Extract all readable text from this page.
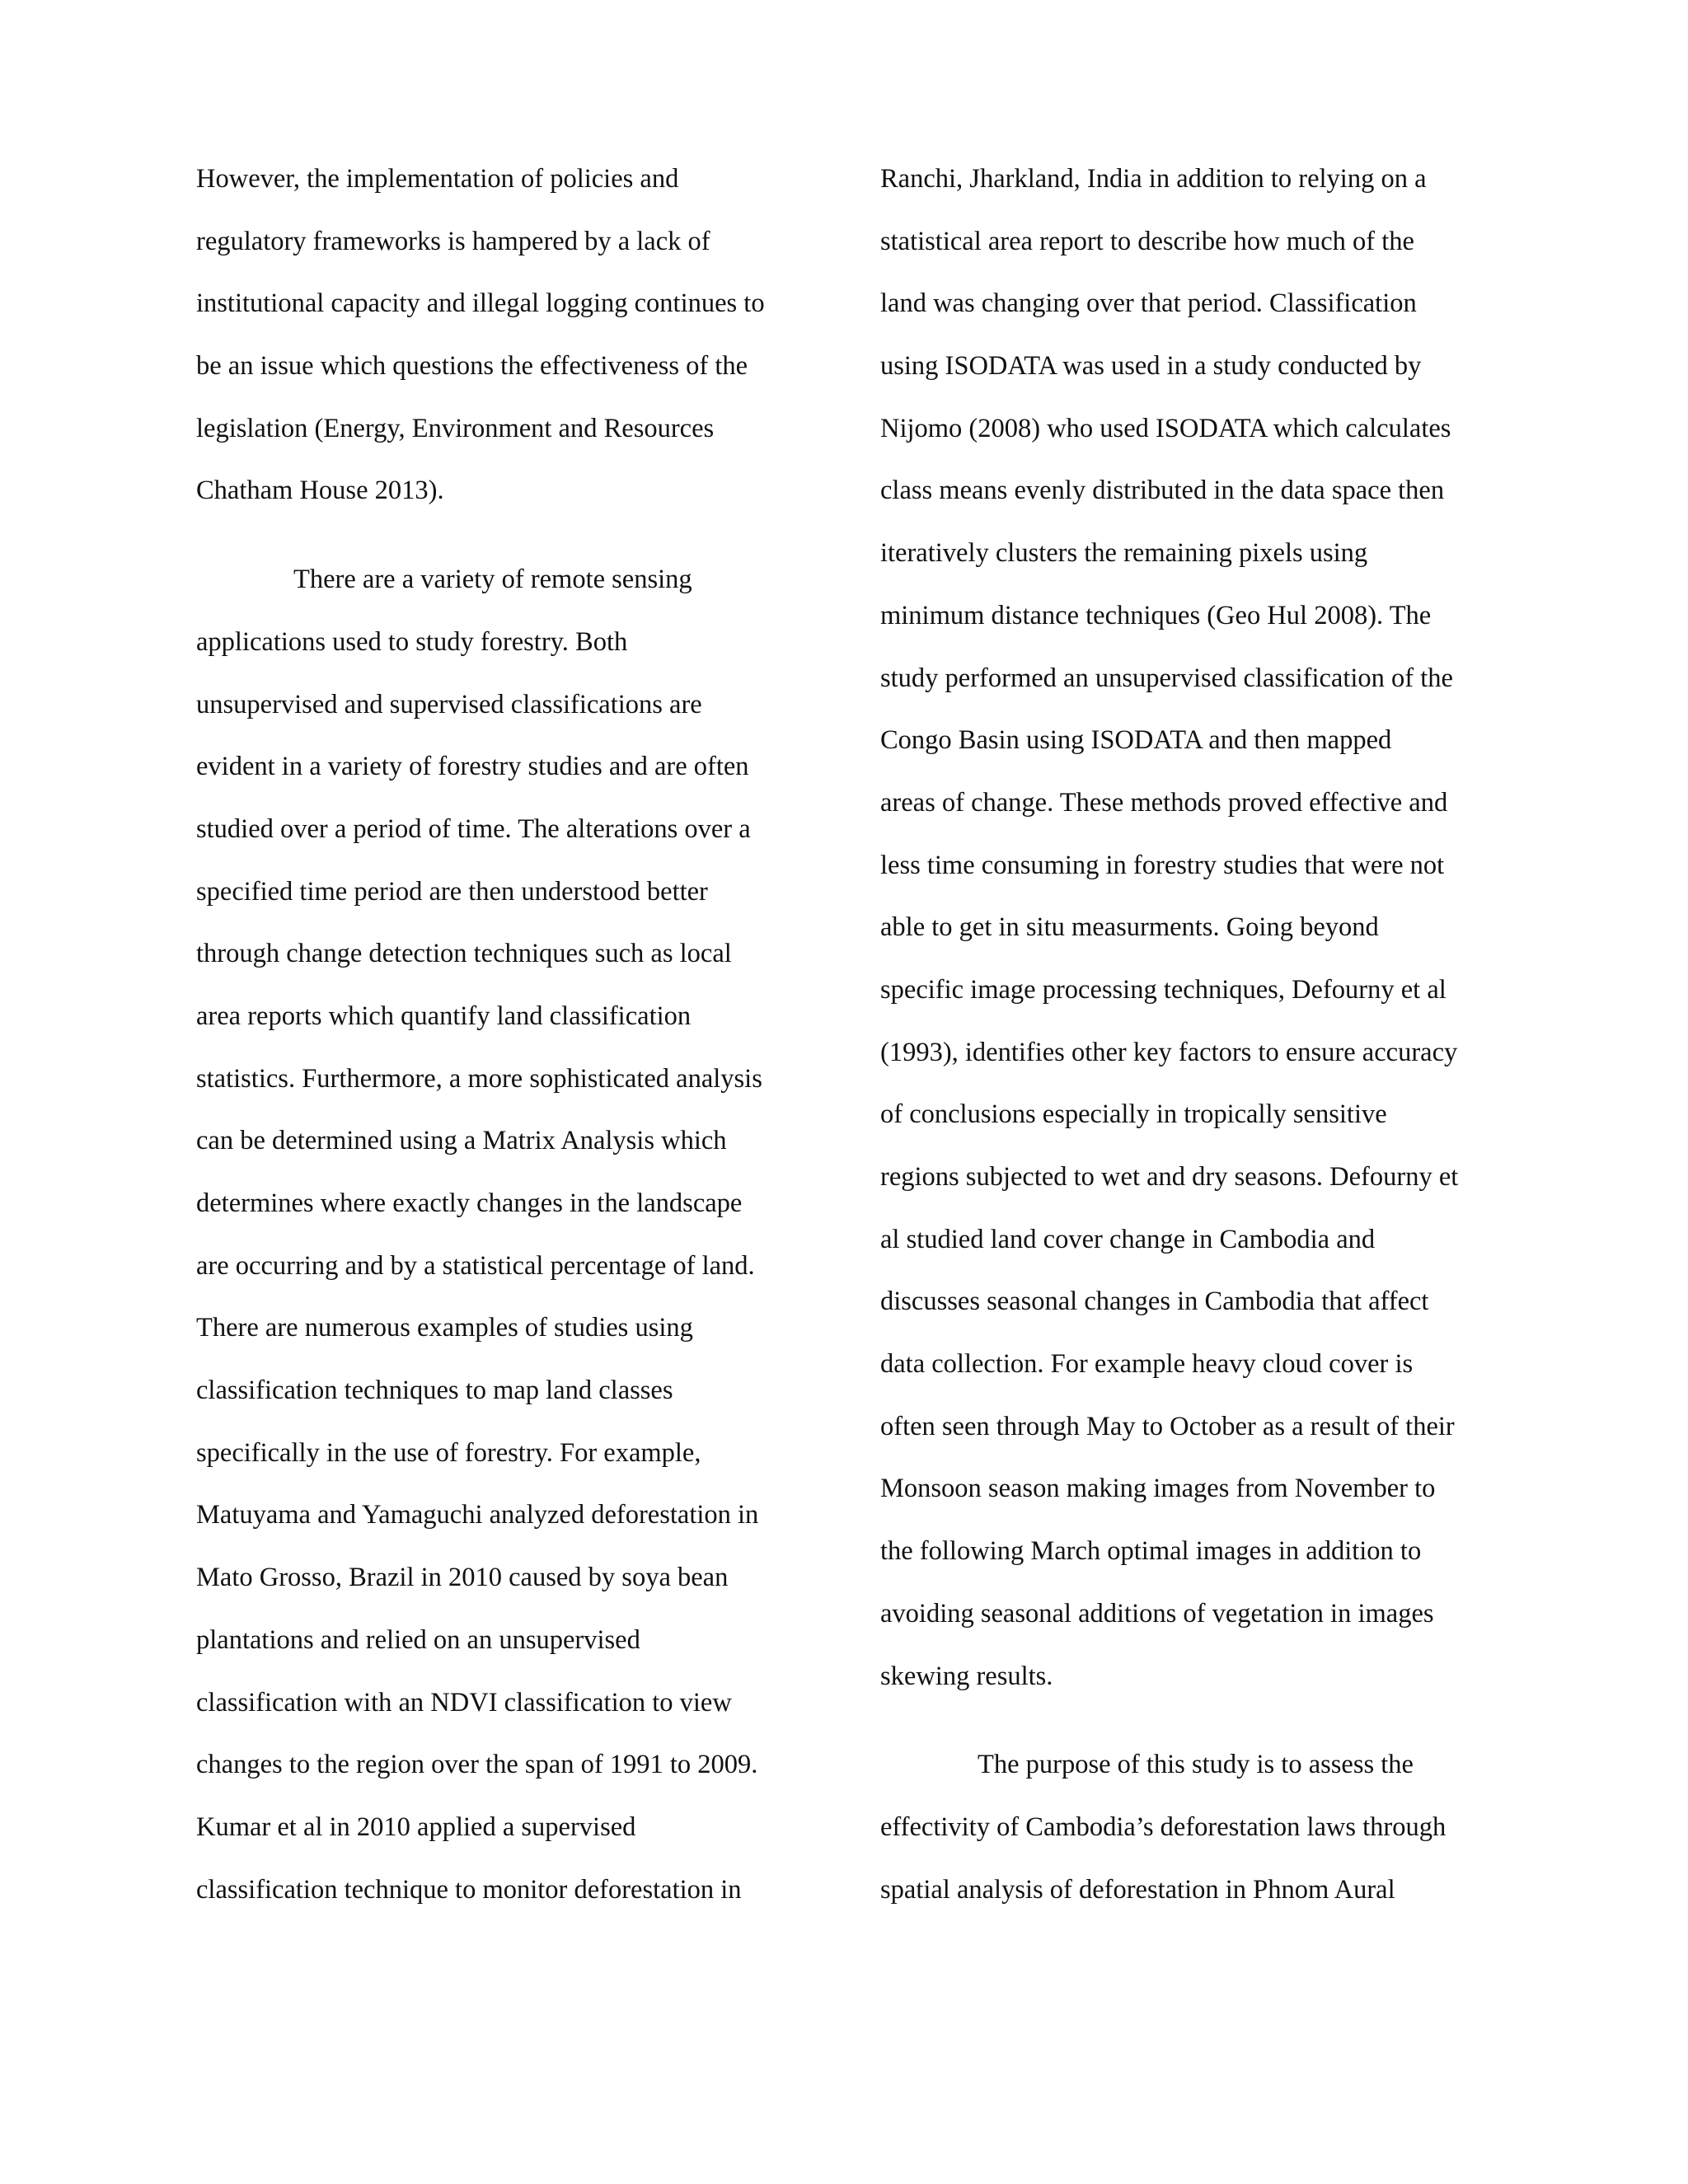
However, the implementation of policies and
regulatory frameworks is hampered by a lack of
institutional capacity and illegal logging continues to
be an issue which questions the effectiveness of the
legislation (Energy, Environment and Resources
Chatham House 2013).
There are a variety of remote sensing
applications used to study forestry. Both
unsupervised and supervised classifications are
evident in a variety of forestry studies and are often
studied over a period of time. The alterations over a
specified time period are then understood better
through change detection techniques such as local
area reports which quantify land classification
statistics. Furthermore, a more sophisticated analysis
can be determined using a Matrix Analysis which
determines where exactly changes in the landscape
are occurring and by a statistical percentage of land.
There are numerous examples of studies using
classification techniques to map land classes
specifically in the use of forestry. For example,
Matuyama and Yamaguchi analyzed deforestation in
Mato Grosso, Brazil in 2010 caused by soya bean
plantations and relied on an unsupervised
classification with an NDVI classification to view
changes to the region over the span of 1991 to 2009.
Kumar et al in 2010 applied a supervised
classification technique to monitor deforestation in
Ranchi, Jharkland, India in addition to relying on a
statistical area report to describe how much of the
land was changing over that period. Classification
using ISODATA was used in a study conducted by
Nijomo (2008) who used ISODATA which calculates
class means evenly distributed in the data space then
iteratively clusters the remaining pixels using
minimum distance techniques (Geo Hul 2008). The
study performed an unsupervised classification of the
Congo Basin using ISODATA and then mapped
areas of change. These methods proved effective and
less time consuming in forestry studies that were not
able to get in situ measurments. Going beyond
specific image processing techniques, Defourny et al
(1993), identifies other key factors to ensure accuracy
of conclusions especially in tropically sensitive
regions subjected to wet and dry seasons. Defourny et
al studied land cover change in Cambodia and
discusses seasonal changes in Cambodia that affect
data collection. For example heavy cloud cover is
often seen through May to October as a result of their
Monsoon season making images from November to
the following March optimal images in addition to
avoiding seasonal additions of vegetation in images
skewing results.
The purpose of this study is to assess the
effectivity of Cambodia’s deforestation laws through
spatial analysis of deforestation in Phnom Aural
